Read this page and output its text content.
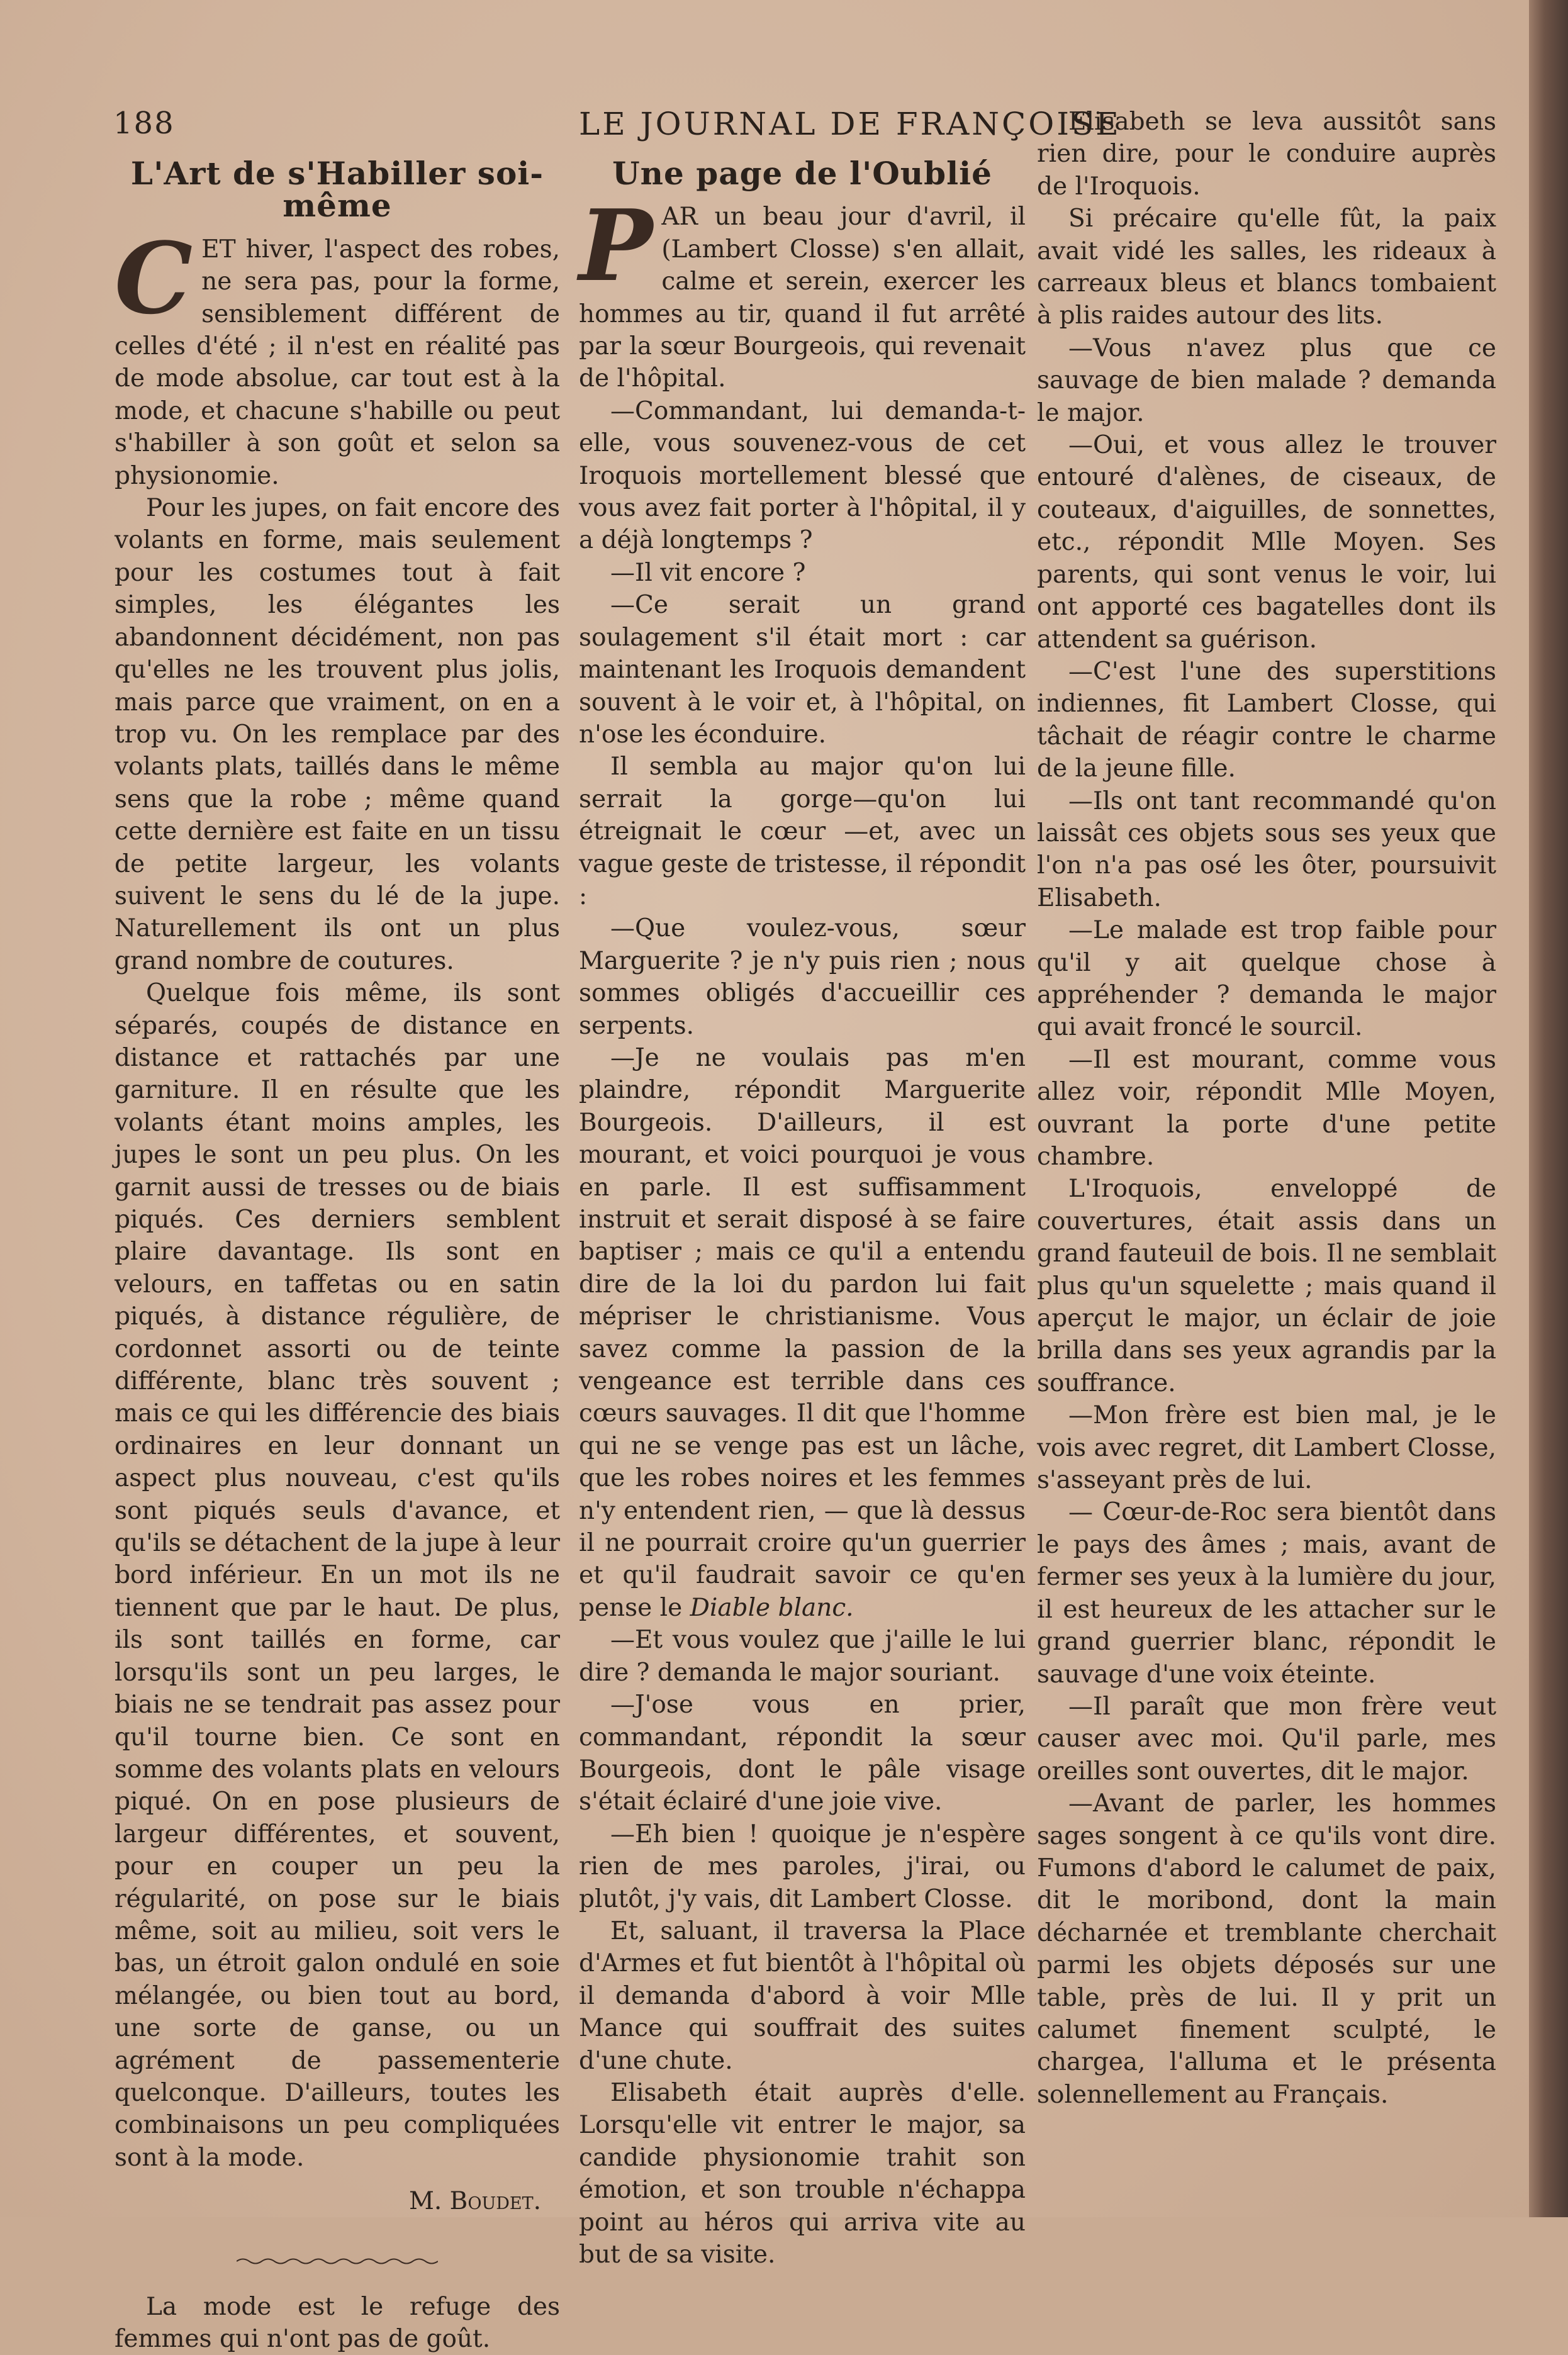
188	LE JOURNAL DE FRANÇOISE
L'Art de s'Habiller soi-même

CET hiver, l'aspect des robes, ne sera pas, pour la forme, sensiblement différent de celles d'été ; il n'est en réalité pas de mode absolue, car tout est à la mode, et chacune s'habille ou peut s'habiller à son goût et selon sa physionomie.

Pour les jupes, on fait encore des volants en forme, mais seulement pour les costumes tout à fait simples, les élégantes les abandonnent décidément, non pas qu'elles ne les trouvent plus jolis, mais parce que vraiment, on en a trop vu. On les remplace par des volants plats, taillés dans le même sens que la robe ; même quand cette dernière est faite en un tissu de petite largeur, les volants suivent le sens du lé de la jupe. Naturellement ils ont un plus grand nombre de coutures.

Quelque fois même, ils sont séparés, coupés de distance en distance et rattachés par une garniture. Il en résulte que les volants étant moins amples, les jupes le sont un peu plus. On les garnit aussi de tresses ou de biais piqués. Ces derniers semblent plaire davantage. Ils sont en velours, en taffetas ou en satin piqués, à distance régulière, de cordonnet assorti ou de teinte différente, blanc très souvent ; mais ce qui les différencie des biais ordinaires en leur donnant un aspect plus nouveau, c'est qu'ils sont piqués seuls d'avance, et qu'ils se détachent de la jupe à leur bord inférieur. En un mot ils ne tiennent que par le haut. De plus, ils sont taillés en forme, car lorsqu'ils sont un peu larges, le biais ne se tendrait pas assez pour qu'il tourne bien. Ce sont en somme des volants plats en velours piqué. On en pose plusieurs de largeur différentes, et souvent, pour en couper un peu la régularité, on pose sur le biais même, soit au milieu, soit vers le bas, un étroit galon ondulé en soie mélangée, ou bien tout au bord, une sorte de ganse, ou un agrément de passementerie quelconque. D'ailleurs, toutes les combinaisons un peu compliquées sont à la mode.

M. Boudet.

La mode est le refuge des femmes qui n'ont pas de goût.

Une page de l'Oublié

PAR un beau jour d'avril, il (Lambert Closse) s'en allait, calme et serein, exercer les hommes au tir, quand il fut arrêté par la sœur Bourgeois, qui revenait de l'hôpital.

—Commandant, lui demanda-t-elle, vous souvenez-vous de cet Iroquois mortellement blessé que vous avez fait porter à l'hôpital, il y a déjà longtemps ?

—Il vit encore ?

—Ce serait un grand soulagement s'il était mort : car maintenant les Iroquois demandent souvent à le voir et, à l'hôpital, on n'ose les éconduire.

Il sembla au major qu'on lui serrait la gorge—qu'on lui étreignait le cœur —et, avec un vague geste de tristesse, il répondit :

—Que voulez-vous, sœur Marguerite ? je n'y puis rien ; nous sommes obligés d'accueillir ces serpents.

—Je ne voulais pas m'en plaindre, répondit Marguerite Bourgeois. D'ailleurs, il est mourant, et voici pourquoi je vous en parle. Il est suffisamment instruit et serait disposé à se faire baptiser ; mais ce qu'il a entendu dire de la loi du pardon lui fait mépriser le christianisme. Vous savez comme la passion de la vengeance est terrible dans ces cœurs sauvages. Il dit que l'homme qui ne se venge pas est un lâche, que les robes noires et les femmes n'y entendent rien, — que là dessus il ne pourrait croire qu'un guerrier et qu'il faudrait savoir ce qu'en pense le Diable blanc.

—Et vous voulez que j'aille le lui dire ? demanda le major souriant.

—J'ose vous en prier, commandant, répondit la sœur Bourgeois, dont le pâle visage s'était éclairé d'une joie vive.

—Eh bien ! quoique je n'espère rien de mes paroles, j'irai, ou plutôt, j'y vais, dit Lambert Closse.

Et, saluant, il traversa la Place d'Armes et fut bientôt à l'hôpital où il demanda d'abord à voir Mlle Mance qui souffrait des suites d'une chute.

Elisabeth était auprès d'elle. Lorsqu'elle vit entrer le major, sa candide physionomie trahit son émotion, et son trouble n'échappa point au héros qui arriva vite au but de sa visite.

Elisabeth se leva aussitôt sans rien dire, pour le conduire auprès de l'Iroquois.

Si précaire qu'elle fût, la paix avait vidé les salles, les rideaux à carreaux bleus et blancs tombaient à plis raides autour des lits.

—Vous n'avez plus que ce sauvage de bien malade ? demanda le major.

—Oui, et vous allez le trouver entouré d'alènes, de ciseaux, de couteaux, d'aiguilles, de sonnettes, etc., répondit Mlle Moyen. Ses parents, qui sont venus le voir, lui ont apporté ces bagatelles dont ils attendent sa guérison.

—C'est l'une des superstitions indiennes, fit Lambert Closse, qui tâchait de réagir contre le charme de la jeune fille.

—Ils ont tant recommandé qu'on laissât ces objets sous ses yeux que l'on n'a pas osé les ôter, poursuivit Elisabeth.

—Le malade est trop faible pour qu'il y ait quelque chose à appréhender ? demanda le major qui avait froncé le sourcil.

—Il est mourant, comme vous allez voir, répondit Mlle Moyen, ouvrant la porte d'une petite chambre.

L'Iroquois, enveloppé de couvertures, était assis dans un grand fauteuil de bois. Il ne semblait plus qu'un squelette ; mais quand il aperçut le major, un éclair de joie brilla dans ses yeux agrandis par la souffrance.

—Mon frère est bien mal, je le vois avec regret, dit Lambert Closse, s'asseyant près de lui.

— Cœur-de-Roc sera bientôt dans le pays des âmes ; mais, avant de fermer ses yeux à la lumière du jour, il est heureux de les attacher sur le grand guerrier blanc, répondit le sauvage d'une voix éteinte.

—Il paraît que mon frère veut causer avec moi. Qu'il parle, mes oreilles sont ouvertes, dit le major.

—Avant de parler, les hommes sages songent à ce qu'ils vont dire. Fumons d'abord le calumet de paix, dit le moribond, dont la main décharnée et tremblante cherchait parmi les objets déposés sur une table, près de lui. Il y prit un calumet finement sculpté, le chargea, l'alluma et le présenta solennellement au Français.
